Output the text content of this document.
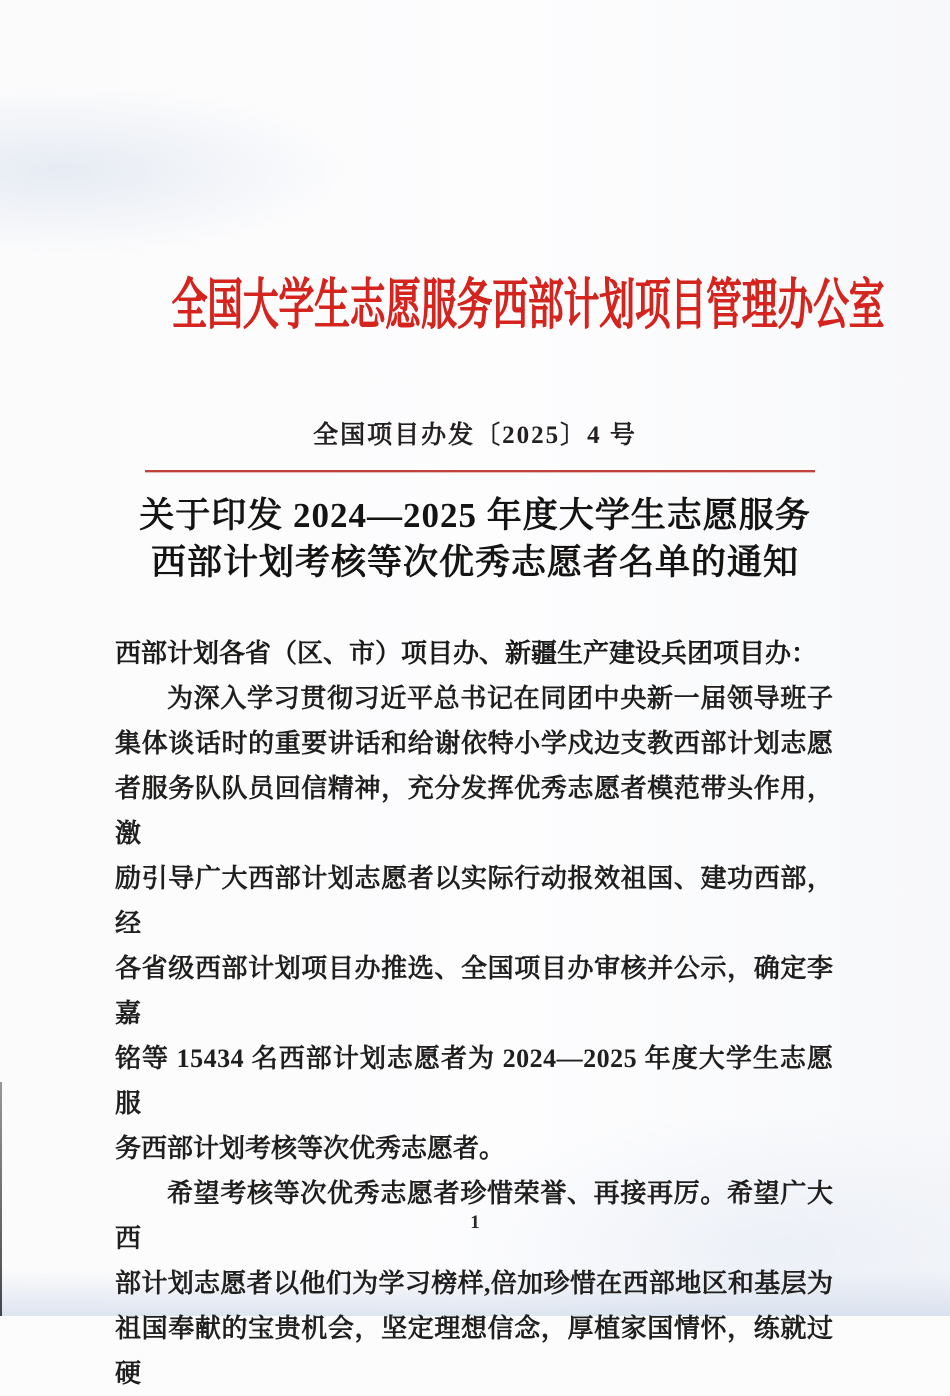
全国大学生志愿服务西部计划项目管理办公室
全国项目办发〔2025〕4 号
关于印发 2024—2025 年度大学生志愿服务
西部计划考核等次优秀志愿者名单的通知
西部计划各省（区、市）项目办、新疆生产建设兵团项目办：
为深入学习贯彻习近平总书记在同团中央新一届领导班子
集体谈话时的重要讲话和给谢依特小学戍边支教西部计划志愿
者服务队队员回信精神，充分发挥优秀志愿者模范带头作用，激
励引导广大西部计划志愿者以实际行动报效祖国、建功西部，经
各省级西部计划项目办推选、全国项目办审核并公示，确定李嘉
铭等 15434 名西部计划志愿者为 2024—2025 年度大学生志愿服
务西部计划考核等次优秀志愿者。
希望考核等次优秀志愿者珍惜荣誉、再接再厉。希望广大西
部计划志愿者以他们为学习榜样,倍加珍惜在西部地区和基层为
祖国奉献的宝贵机会，坚定理想信念，厚植家国情怀，练就过硬
1
